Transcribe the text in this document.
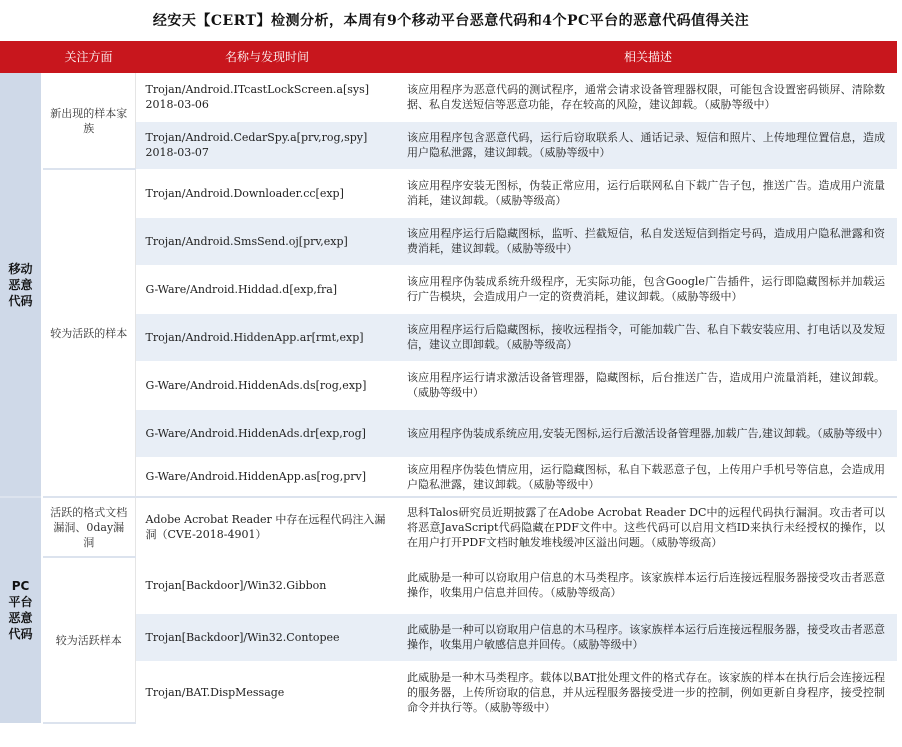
经安天【CERT】检测分析，本周有9个移动平台恶意代码和4个PC平台的恶意代码值得关注
	关注方面	名称与发现时间	相关描述
移动恶意代码	新出现的样本家族	Trojan/Android.ITcastLockScreen.a[sys] 2018-03-06	该应用程序为恶意代码的测试程序，通常会请求设备管理器权限，可能包含设置密码锁屏、清除数据、私自发送短信等恶意功能，存在较高的风险，建议卸载。（威胁等级中）
		Trojan/Android.CedarSpy.a[prv,rog,spy] 2018-03-07	该应用程序包含恶意代码，运行后窃取联系人、通话记录、短信和照片、上传地理位置信息，造成用户隐私泄露，建议卸载。（威胁等级中）
	较为活跃的样本	Trojan/Android.Downloader.cc[exp]	该应用程序安装无图标，伪装正常应用，运行后联网私自下载广告子包，推送广告。造成用户流量消耗，建议卸载。（威胁等级高）
		Trojan/Android.SmsSend.oj[prv,exp]	该应用程序运行后隐藏图标，监听、拦截短信，私自发送短信到指定号码，造成用户隐私泄露和资费消耗，建议卸载。（威胁等级中）
		G-Ware/Android.Hiddad.d[exp,fra]	该应用程序伪装成系统升级程序，无实际功能，包含Google广告插件，运行即隐藏图标并加载运行广告模块，会造成用户一定的资费消耗，建议卸载。（威胁等级中）
		Trojan/Android.HiddenApp.ar[rmt,exp]	该应用程序运行后隐藏图标，接收远程指令，可能加载广告、私自下载安装应用、打电话以及发短信，建议立即卸载。（威胁等级高）
		G-Ware/Android.HiddenAds.ds[rog,exp]	该应用程序运行请求激活设备管理器，隐藏图标，后台推送广告，造成用户流量消耗，建议卸载。（威胁等级中）
		G-Ware/Android.HiddenAds.dr[exp,rog]	该应用程序伪装成系统应用,安装无图标,运行后激活设备管理器,加载广告,建议卸载。（威胁等级中）
		G-Ware/Android.HiddenApp.as[rog,prv]	该应用程序伪装色情应用，运行隐藏图标，私自下载恶意子包，上传用户手机号等信息，会造成用户隐私泄露，建议卸载。（威胁等级中）
PC平台恶意代码	活跃的格式文档漏洞、0day漏洞	Adobe Acrobat Reader 中存在远程代码注入漏洞（CVE-2018-4901）	思科Talos研究员近期披露了在Adobe Acrobat Reader DC中的远程代码执行漏洞。攻击者可以将恶意JavaScript代码隐藏在PDF文件中。这些代码可以启用文档ID来执行未经授权的操作，以在用户打开PDF文档时触发堆栈缓冲区溢出问题。（威胁等级高）
	较为活跃样本	Trojan[Backdoor]/Win32.Gibbon	此威胁是一种可以窃取用户信息的木马类程序。该家族样本运行后连接远程服务器接受攻击者恶意操作，收集用户信息并回传。（威胁等级高）
		Trojan[Backdoor]/Win32.Contopee	此威胁是一种可以窃取用户信息的木马程序。该家族样本运行后连接远程服务器，接受攻击者恶意操作，收集用户敏感信息并回传。（威胁等级中）
		Trojan/BAT.DispMessage	此威胁是一种木马类程序。载体以BAT批处理文件的格式存在。该家族的样本在执行后会连接远程的服务器，上传所窃取的信息，并从远程服务器接受进一步的控制，例如更新自身程序，接受控制命令并执行等。（威胁等级中）
